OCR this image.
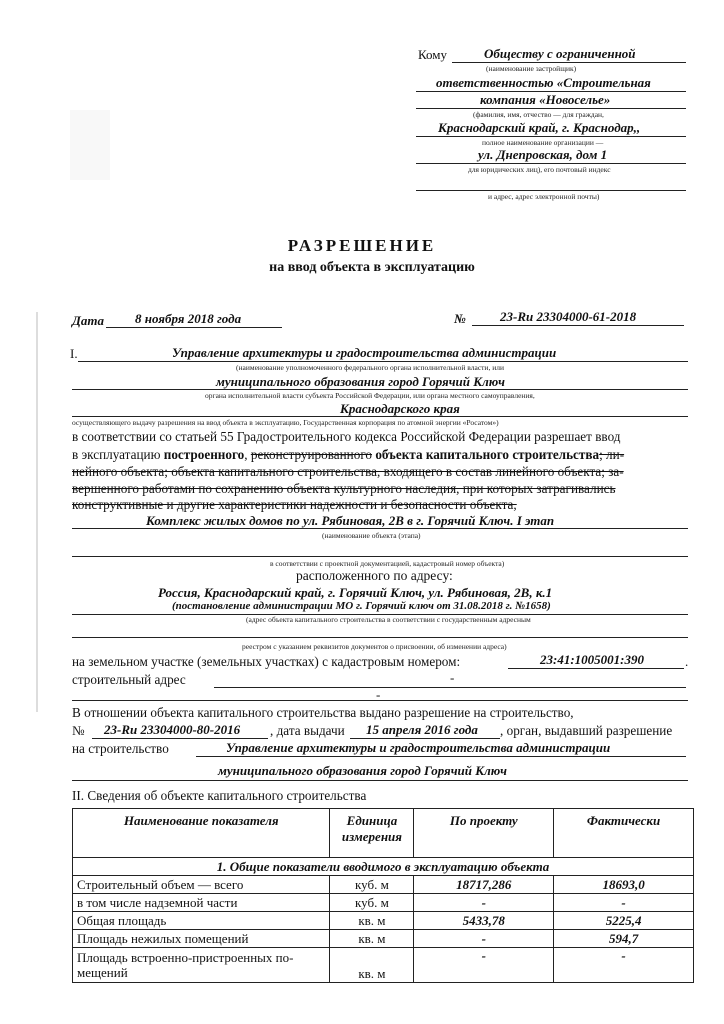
Кому	Обществу с ограниченной
(наименование застройщик)
ответственностью «Строительная
компания «Новоселье»
(фамилия, имя, отчество — для граждан,
Краснодарский край, г. Краснодар,,
полное наименование организации —
ул. Днепровская, дом 1
для юридических лиц), его почтовый индекс
и адрес, адрес электронной почты)
РАЗРЕШЕНИЕ
на ввод объекта в эксплуатацию
Дата 8 ноября 2018 года	№	23-Ru 23304000-61-2018
I.	Управление архитектуры и градостроительства администрации
(наименование уполномоченного федерального органа исполнительной власти, или
муниципального образования город Горячий Ключ
органа исполнительной власти субъекта Российской Федерации, или органа местного самоуправления,
Краснодарского края
осуществляющего выдачу разрешения на ввод объекта в эксплуатацию, Государственная корпорация по атомной энергии «Росатом»)
в соответствии со статьей 55 Градостроительного кодекса Российской Федерации разрешает ввод
в эксплуатацию построенного, реконструированного объекта капитального строительства; ли-
нейного объекта; объекта капитального строительства, входящего в состав линейного объекта; за-
вершенного работами по сохранению объекта культурного наследия, при которых затрагивались
конструктивные и другие характеристики надежности и безопасности объекта,
Комплекс жилых домов по ул. Рябиновая, 2В в г. Горячий Ключ. I этап
(наименование объекта (этапа)
в соответствии с проектной документацией, кадастровый номер объекта)
расположенного по адресу:
Россия, Краснодарский край, г. Горячий Ключ, ул. Рябиновая, 2В, к.1
(постановление администрации МО г. Горячий ключ от 31.08.2018 г. №1658)
(адрес объекта капитального строительства в соответствии с государственным адресным
реестром с указанием реквизитов документов о присвоении, об изменении адреса)
на земельном участке (земельных участках) с кадастровым номером:	23:41:1005001:390	.
строительный адрес	-
-
В отношении объекта капитального строительства выдано разрешение на строительство,
№ 23-Ru 23304000-80-2016 , дата выдачи 15 апреля 2016 года , орган, выдавший разрешение
на строительство	Управление архитектуры и градостроительства администрации
муниципального образования город Горячий Ключ
II. Сведения об объекте капитального строительства
Наименование показателя	Единица измерения	По проекту	Фактически
1. Общие показатели вводимого в эксплуатацию объекта			
Строительный объем — всего	куб. м	18717,286	18693,0
в том числе надземной части	куб. м	-	-
Общая площадь	кв. м	5433,78	5225,4
Площадь нежилых помещений	кв. м	-	594,7
Площадь встроенно-пристроенных по-мещений	кв. м	-	-
